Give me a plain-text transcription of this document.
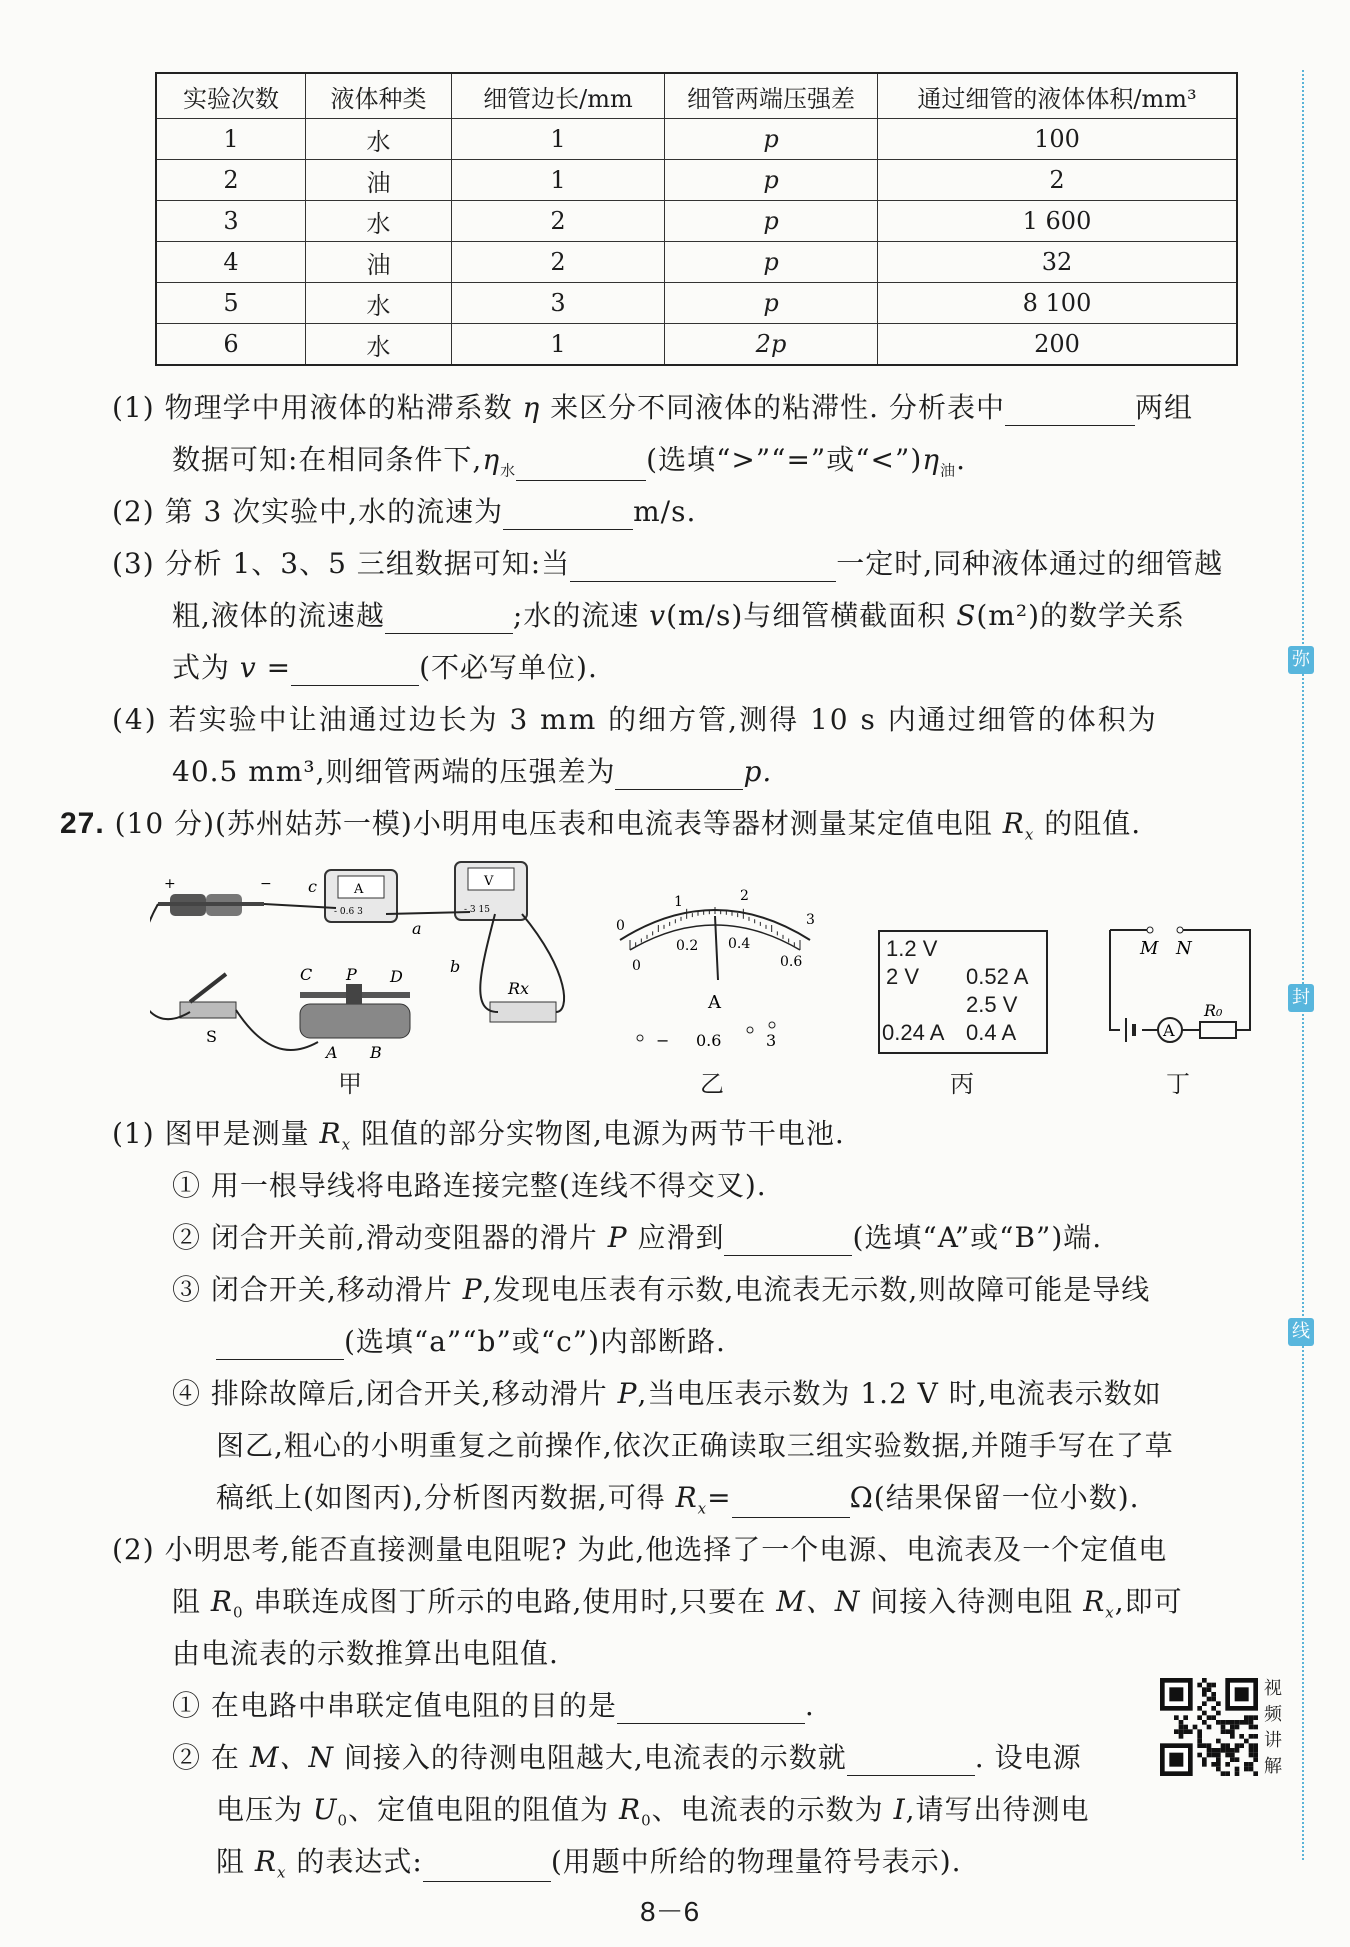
弥
封
线
实验次数	液体种类	细管边长/mm	细管两端压强差	通过细管的液体体积/mm³
1	水	1	p	100
2	油	1	p	2
3	水	2	p	1 600
4	油	2	p	32
5	水	3	p	8 100
6	水	1	2p	200
(1) 物理学中用液体的粘滞系数 η 来区分不同液体的粘滞性. 分析表中	两组
数据可知:在相同条件下$,\eta_水$	(选填“>”“=”或“$<”)\eta_油$.
(2) 第 3 次实验中,水的流速为	m/s.
(3) 分析 1、3、5 三组数据可知:当	一定时,同种液体通过的细管越
粗,液体的流速越	;水的流速 v(m/s)与细管横截面积 S(m²)的数学关系
式为 v =	(不必写单位).
(4) 若实验中让油通过边长为 3 mm 的细方管,测得 10 s 内通过细管的体积为
40.5 mm³,则细管两端的压强差为	p.
27. (10 分)(苏州姑苏一模)小明用电压表和电流表等器材测量某定值电阻 $R_x$ 的阻值.
+	−	A
- 0.6 3
V
- 3 15
Rx
S
C P D
A B
c
a
b
甲
0
1	2
3
0
0.2 0.4
0.6
A
− 0.6	3
乙
1.2 V
2 V 0.52 A
2.5 V
0.24 A 0.4 A
丙
M N
A
R₀
丁
(1) 图甲是测量 $R_x$ 阻值的部分实物图,电源为两节干电池.
① 用一根导线将电路连接完整(连线不得交叉).
② 闭合开关前,滑动变阻器的滑片 P 应滑到	(选填“A”或“B”)端.
③ 闭合开关,移动滑片 P,发现电压表有示数,电流表无示数,则故障可能是导线
(选填“a”“b”或“c”)内部断路.
④ 排除故障后,闭合开关,移动滑片 P,当电压表示数为 1.2 V 时,电流表示数如
图乙,粗心的小明重复之前操作,依次正确读取三组实验数据,并随手写在了草
稿纸上(如图丙),分析图丙数据,可得 $R_x=$	Ω(结果保留一位小数).
(2) 小明思考,能否直接测量电阻呢? 为此,他选择了一个电源、电流表及一个定值电
阻 $R_0$ 串联连成图丁所示的电路,使用时,只要在 M、N 间接入待测电阻 $R_x$,即可
由电流表的示数推算出电阻值.
① 在电路中串联定值电阻的目的是	.
② 在 M、N 间接入的待测电阻越大,电流表的示数就	. 设电源
电压为 $U_0$、定值电阻的阻值为 $R_0$、电流表的示数为 I,请写出待测电
阻 $R_x$ 的表达式:	(用题中所给的物理量符号表示).
视频讲解
8－6
